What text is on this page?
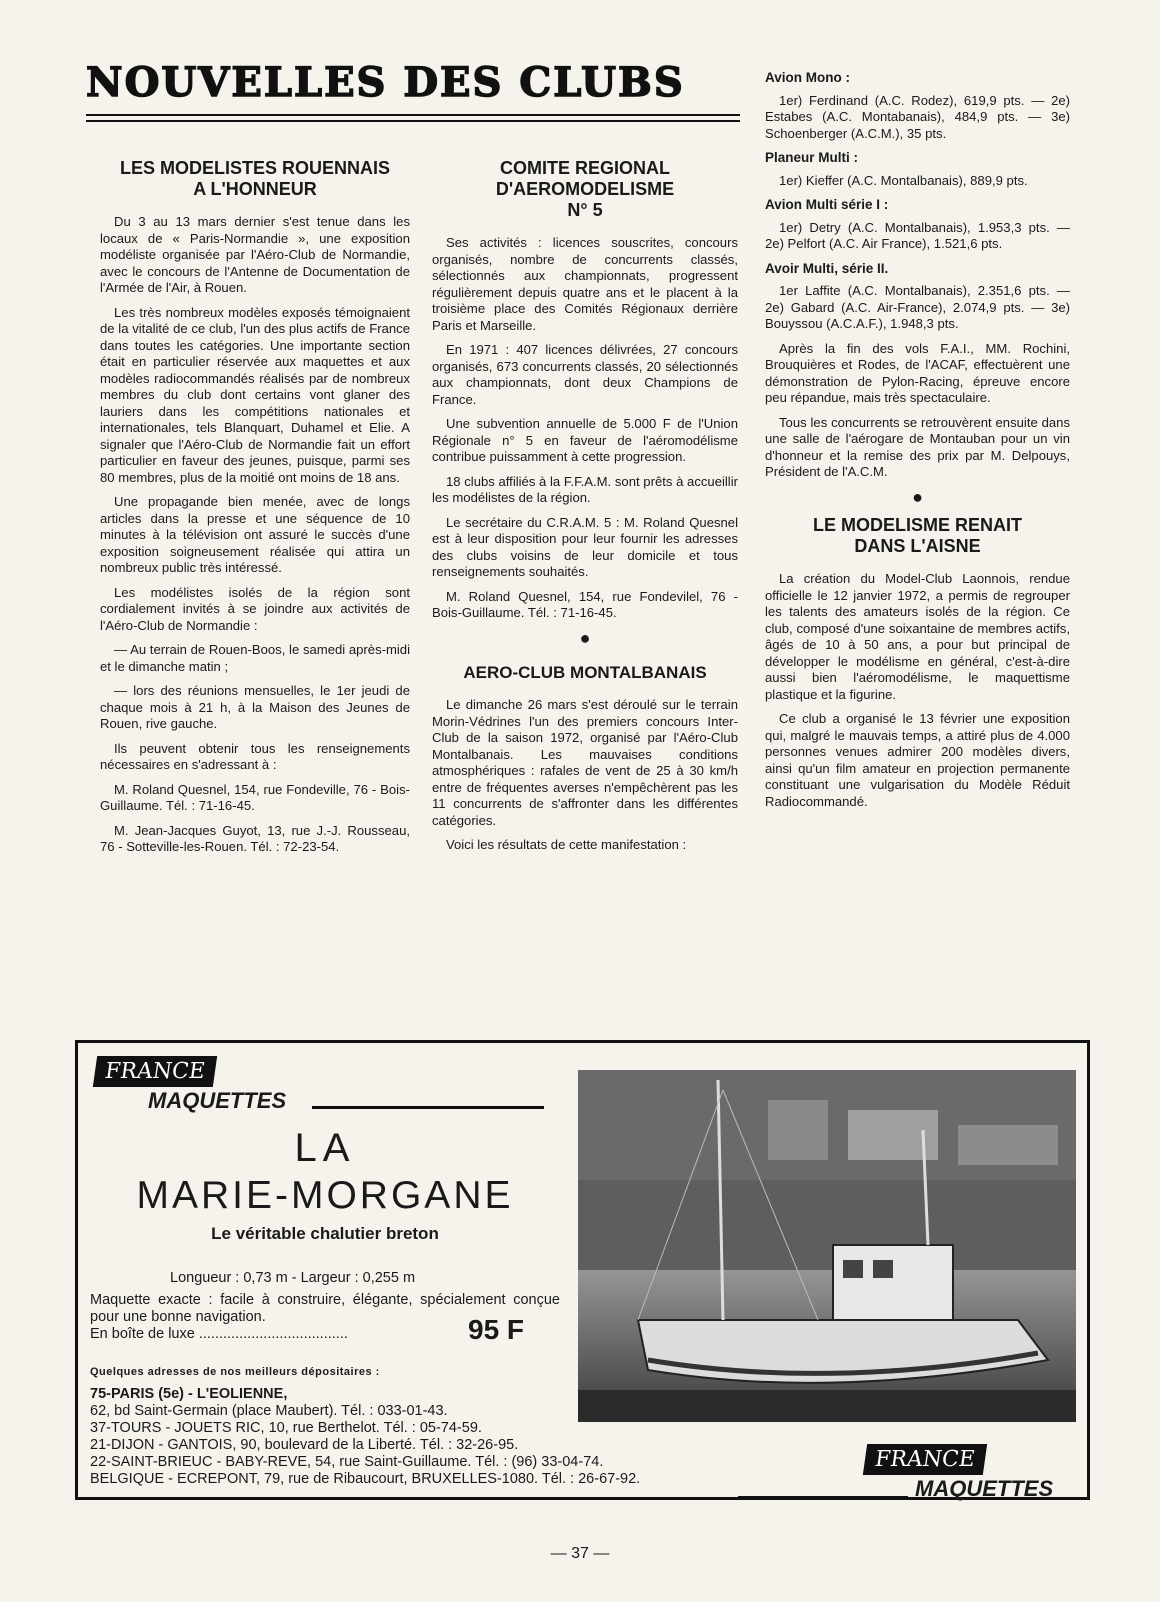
NOUVELLES DES CLUBS
LES MODELISTES ROUENNAIS
A L'HONNEUR

Du 3 au 13 mars dernier s'est tenue dans les locaux de « Paris-Normandie », une exposition modéliste organisée par l'Aéro-Club de Normandie, avec le concours de l'Antenne de Documentation de l'Armée de l'Air, à Rouen.

Les très nombreux modèles exposés témoignaient de la vitalité de ce club, l'un des plus actifs de France dans toutes les catégories. Une importante section était en particulier réservée aux maquettes et aux modèles radiocommandés réalisés par de nombreux membres du club dont certains vont glaner des lauriers dans les compétitions nationales et internationales, tels Blanquart, Duhamel et Elie. A signaler que l'Aéro-Club de Normandie fait un effort particulier en faveur des jeunes, puisque, parmi ses 80 membres, plus de la moitié ont moins de 18 ans.

Une propagande bien menée, avec de longs articles dans la presse et une séquence de 10 minutes à la télévision ont assuré le succès d'une exposition soigneusement réalisée qui attira un nombreux public très intéressé.

Les modélistes isolés de la région sont cordialement invités à se joindre aux activités de l'Aéro-Club de Normandie :

— Au terrain de Rouen-Boos, le samedi après-midi et le dimanche matin ;

— lors des réunions mensuelles, le 1er jeudi de chaque mois à 21 h, à la Maison des Jeunes de Rouen, rive gauche.

Ils peuvent obtenir tous les renseignements nécessaires en s'adressant à :

M. Roland Quesnel, 154, rue Fondeville, 76 - Bois-Guillaume. Tél. : 71-16-45.

M. Jean-Jacques Guyot, 13, rue J.-J. Rousseau, 76 - Sotteville-les-Rouen. Tél. : 72-23-54.

COMITE REGIONAL
D'AEROMODELISME
N° 5

Ses activités : licences souscrites, concours organisés, nombre de concurrents classés, sélectionnés aux championnats, progressent régulièrement depuis quatre ans et le placent à la troisième place des Comités Régionaux derrière Paris et Marseille.

En 1971 : 407 licences délivrées, 27 concours organisés, 673 concurrents classés, 20 sélectionnés aux championnats, dont deux Champions de France.

Une subvention annuelle de 5.000 F de l'Union Régionale n° 5 en faveur de l'aéromodélisme contribue puissamment à cette progression.

18 clubs affiliés à la F.F.A.M. sont prêts à accueillir les modélistes de la région.

Le secrétaire du C.R.A.M. 5 : M. Roland Quesnel est à leur disposition pour leur fournir les adresses des clubs voisins de leur domicile et tous renseignements souhaités.

M. Roland Quesnel, 154, rue Fondevilel, 76 - Bois-Guillaume. Tél. : 71-16-45.

●
AERO-CLUB MONTALBANAIS

Le dimanche 26 mars s'est déroulé sur le terrain Morin-Védrines l'un des premiers concours Inter-Club de la saison 1972, organisé par l'Aéro-Club Montalbanais. Les mauvaises conditions atmosphériques : rafales de vent de 25 à 30 km/h entre de fréquentes averses n'empêchèrent pas les 11 concurrents de s'affronter dans les différentes catégories.

Voici les résultats de cette manifestation :

Avion Mono :

1er) Ferdinand (A.C. Rodez), 619,9 pts. — 2e) Estabes (A.C. Montabanais), 484,9 pts. — 3e) Schoenberger (A.C.M.), 35 pts.

Planeur Multi :

1er) Kieffer (A.C. Montalbanais), 889,9 pts.

Avion Multi série I :

1er) Detry (A.C. Montalbanais), 1.953,3 pts. — 2e) Pelfort (A.C. Air France), 1.521,6 pts.

Avoir Multi, série II.

1er Laffite (A.C. Montalbanais), 2.351,6 pts. — 2e) Gabard (A.C. Air-France), 2.074,9 pts. — 3e) Bouyssou (A.C.A.F.), 1.948,3 pts.

Après la fin des vols F.A.I., MM. Rochini, Brouquières et Rodes, de l'ACAF, effectuèrent une démonstration de Pylon-Racing, épreuve encore peu répandue, mais très spectaculaire.

Tous les concurrents se retrouvèrent ensuite dans une salle de l'aérogare de Montauban pour un vin d'honneur et la remise des prix par M. Delpouys, Président de l'A.C.M.

●
LE MODELISME RENAIT
DANS L'AISNE

La création du Model-Club Laonnois, rendue officielle le 12 janvier 1972, a permis de regrouper les talents des amateurs isolés de la région. Ce club, composé d'une soixantaine de membres actifs, âgés de 10 à 50 ans, a pour but principal de développer le modélisme en général, c'est-à-dire aussi bien l'aéromodélisme, le maquettisme plastique et la figurine.

Ce club a organisé le 13 février une exposition qui, malgré le mauvais temps, a attiré plus de 4.000 personnes venues admirer 200 modèles divers, ainsi qu'un film amateur en projection permanente constituant une vulgarisation du Modèle Réduit Radiocommandé.

FRANCE
MAQUETTES
LA
MARIE-MORGANE
Le véritable chalutier breton
Longueur : 0,73 m - Largeur : 0,255 m
Maquette exacte : facile à construire, élégante, spécialement conçue pour une bonne navigation.
En boîte de luxe .....................................	95 F
Quelques adresses de nos meilleurs dépositaires :
75-PARIS (5e) - L'EOLIENNE,
62, bd Saint-Germain (place Maubert). Tél. : 033-01-43.
37-TOURS - JOUETS RIC, 10, rue Berthelot. Tél. : 05-74-59.
21-DIJON - GANTOIS, 90, boulevard de la Liberté. Tél. : 32-26-95.
22-SAINT-BRIEUC - BABY-REVE, 54, rue Saint-Guillaume. Tél. : (96) 33-04-74.
BELGIQUE - ECREPONT, 79, rue de Ribaucourt, BRUXELLES-1080. Tél. : 26-67-92.
FRANCE
MAQUETTES
— 37 —
